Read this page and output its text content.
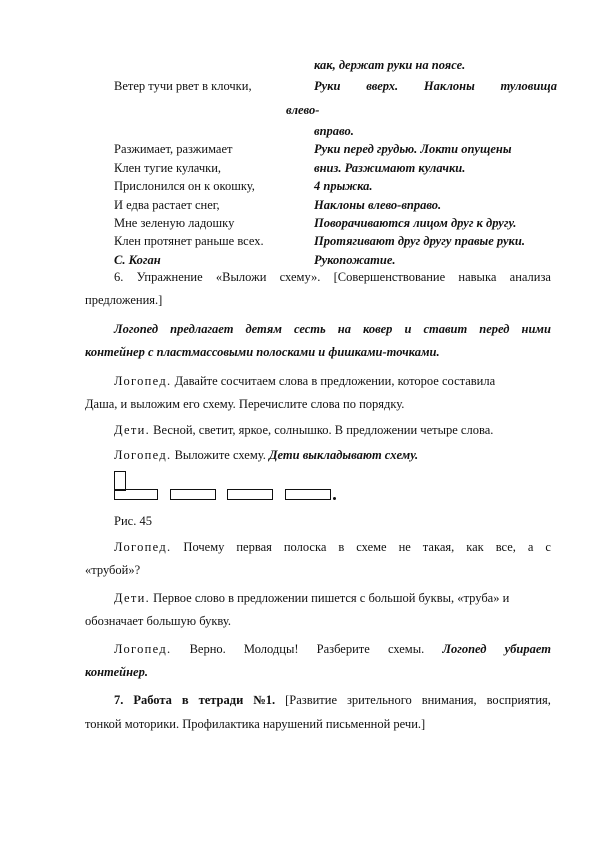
как, держат руки на поясе.
Ветер тучи рвет в клочки,	Руки вверх. Наклоны туловища
влево-
вправо.
Разжимает, разжимает	Руки перед грудью. Локти опущены
Клен тугие кулачки,	вниз. Разжимают кулачки.
Прислонился он к окошку,	4 прыжка.
И едва растает снег,	Наклоны влево-вправо.
Мне зеленую ладошку	Поворачиваются лицом друг к другу.
Клен протянет раньше всех.	Протягивают друг другу правые руки.
С. Коган	Рукопожатие.
6. Упражнение «Выложи схему». [Совершенствование навыка анализа
предложения.]
Логопед предлагает детям сесть на ковер и ставит перед ними
контейнер с пластмассовыми полосками и фишками-точками.
Логопед. Давайте сосчитаем слова в предложении, которое составила
Даша, и выложим его схему. Перечислите слова по порядку.
Дети. Весной, светит, яркое, солнышко. В предложении четыре слова.
Логопед. Выложите схему. Дети выкладывают схему.
Рис. 45
Логопед. Почему первая полоска в схеме не такая, как все, а с
«трубой»?
Дети. Первое слово в предложении пишется с большой буквы, «труба» и
обозначает большую букву.
Логопед. Верно. Молодцы! Разберите схемы. Логопед убирает
контейнер.
7. Работа в тетради №1. [Развитие зрительного внимания, восприятия,
тонкой моторики. Профилактика нарушений письменной речи.]
